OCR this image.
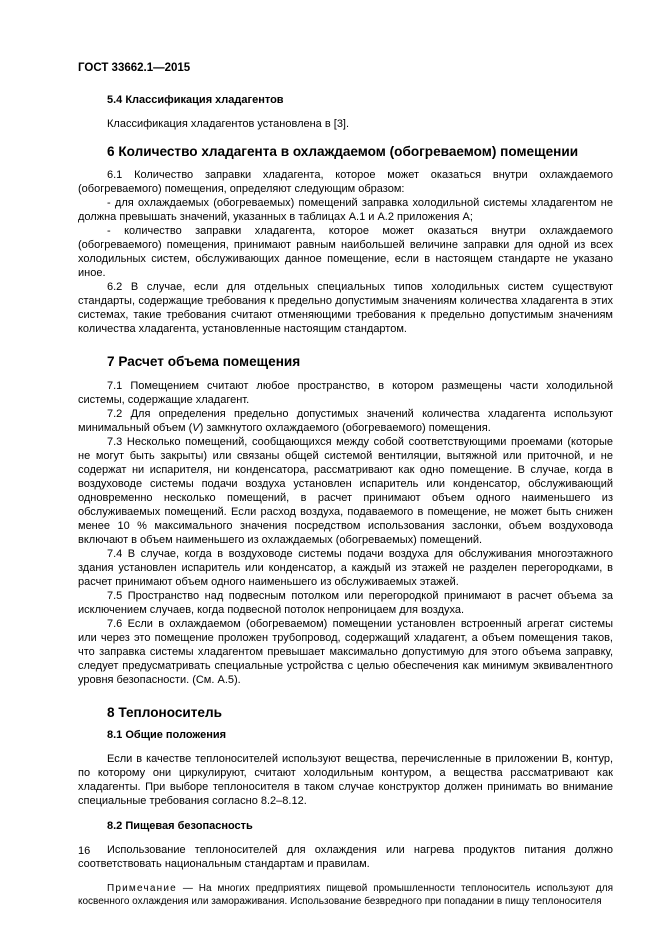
ГОСТ 33662.1—2015
5.4 Классификация хладагентов

Классификация хладагентов установлена в [3].

6 Количество хладагента в охлаждаемом (обогреваемом) помещении

6.1 Количество заправки хладагента, которое может оказаться внутри охлаждаемого (обогреваемого) помещения, определяют следующим образом:

- для охлаждаемых (обогреваемых) помещений заправка холодильной системы хладагентом не должна превышать значений, указанных в таблицах А.1 и А.2 приложения А;

- количество заправки хладагента, которое может оказаться внутри охлаждаемого (обогреваемого) помещения, принимают равным наибольшей величине заправки для одной из всех холодильных систем, обслуживающих данное помещение, если в настоящем стандарте не указано иное.

6.2 В случае, если для отдельных специальных типов холодильных систем существуют стандарты, содержащие требования к предельно допустимым значениям количества хладагента в этих системах, такие требования считают отменяющими требования к предельно допустимым значениям количества хладагента, установленные настоящим стандартом.

7 Расчет объема помещения

7.1 Помещением считают любое пространство, в котором размещены части холодильной системы, содержащие хладагент.

7.2 Для определения предельно допустимых значений количества хладагента используют минимальный объем (V) замкнутого охлаждаемого (обогреваемого) помещения.

7.3 Несколько помещений, сообщающихся между собой соответствующими проемами (которые не могут быть закрыты) или связаны общей системой вентиляции, вытяжной или приточной, и не содержат ни испарителя, ни конденсатора, рассматривают как одно помещение. В случае, когда в воздуховоде системы подачи воздуха установлен испаритель или конденсатор, обслуживающий одновременно несколько помещений, в расчет принимают объем одного наименьшего из обслуживаемых помещений. Если расход воздуха, подаваемого в помещение, не может быть снижен менее 10 % максимального значения посредством использования заслонки, объем воздуховода включают в объем наименьшего из охлаждаемых (обогреваемых) помещений.

7.4 В случае, когда в воздуховоде системы подачи воздуха для обслуживания многоэтажного здания установлен испаритель или конденсатор, а каждый из этажей не разделен перегородками, в расчет принимают объем одного наименьшего из обслуживаемых этажей.

7.5 Пространство над подвесным потолком или перегородкой принимают в расчет объема за исключением случаев, когда подвесной потолок непроницаем для воздуха.

7.6 Если в охлаждаемом (обогреваемом) помещении установлен встроенный агрегат системы или через это помещение проложен трубопровод, содержащий хладагент, а объем помещения таков, что заправка системы хладагентом превышает максимально допустимую для этого объема заправку, следует предусматривать специальные устройства с целью обеспечения как минимум эквивалентного уровня безопасности. (См. А.5).

8 Теплоноситель
8.1 Общие положения

Если в качестве теплоносителей используют вещества, перечисленные в приложении В, контур, по которому они циркулируют, считают холодильным контуром, а вещества рассматривают как хладагенты. При выборе теплоносителя в таком случае конструктор должен принимать во внимание специальные требования согласно 8.2–8.12.

8.2 Пищевая безопасность

Использование теплоносителей для охлаждения или нагрева продуктов питания должно соответствовать национальным стандартам и правилам.

Примечание — На многих предприятиях пищевой промышленности теплоноситель используют для косвенного охлаждения или замораживания. Использование безвредного при попадании в пищу теплоносителя
16
